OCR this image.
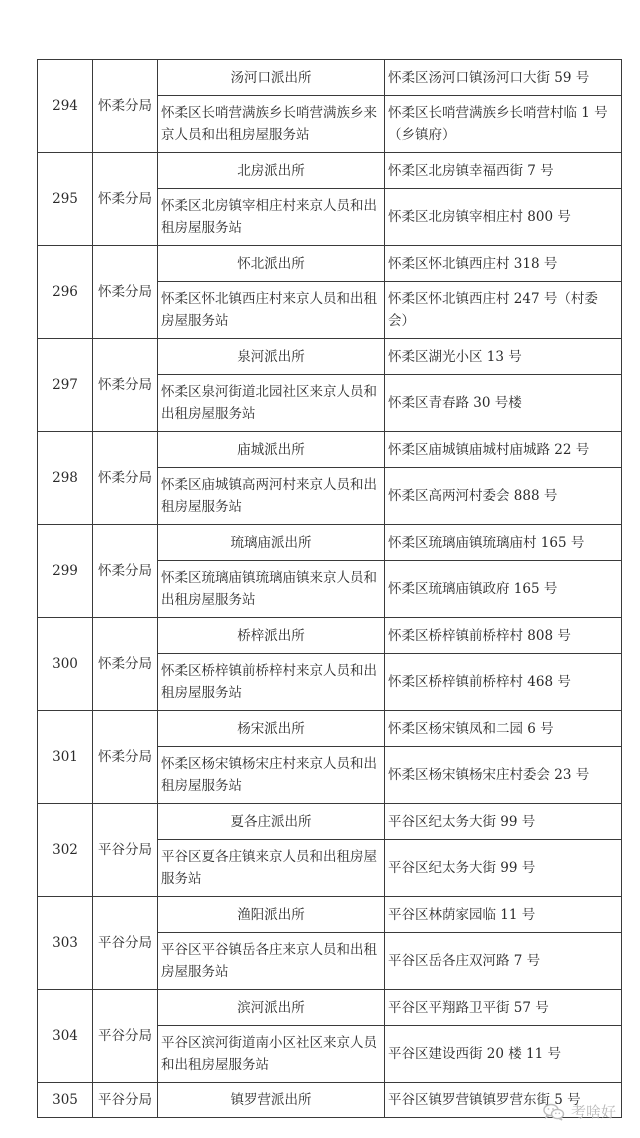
294	怀柔分局	汤河口派出所	怀柔区汤河口镇汤河口大街 59 号
		怀柔区长哨营满族乡长哨营满族乡来京人员和出租房屋服务站	怀柔区长哨营满族乡长哨营村临 1 号（乡镇府）
295	怀柔分局	北房派出所	怀柔区北房镇幸福西街 7 号
		怀柔区北房镇宰相庄村来京人员和出租房屋服务站	怀柔区北房镇宰相庄村 800 号
296	怀柔分局	怀北派出所	怀柔区怀北镇西庄村 318 号
		怀柔区怀北镇西庄村来京人员和出租房屋服务站	怀柔区怀北镇西庄村 247 号（村委会）
297	怀柔分局	泉河派出所	怀柔区湖光小区 13 号
		怀柔区泉河街道北园社区来京人员和出租房屋服务站	怀柔区青春路 30 号楼
298	怀柔分局	庙城派出所	怀柔区庙城镇庙城村庙城路 22 号
		怀柔区庙城镇高两河村来京人员和出租房屋服务站	怀柔区高两河村委会 888 号
299	怀柔分局	琉璃庙派出所	怀柔区琉璃庙镇琉璃庙村 165 号
		怀柔区琉璃庙镇琉璃庙镇来京人员和出租房屋服务站	怀柔区琉璃庙镇政府 165 号
300	怀柔分局	桥梓派出所	怀柔区桥梓镇前桥梓村 808 号
		怀柔区桥梓镇前桥梓村来京人员和出租房屋服务站	怀柔区桥梓镇前桥梓村 468 号
301	怀柔分局	杨宋派出所	怀柔区杨宋镇凤和二园 6 号
		怀柔区杨宋镇杨宋庄村来京人员和出租房屋服务站	怀柔区杨宋镇杨宋庄村委会 23 号
302	平谷分局	夏各庄派出所	平谷区纪太务大街 99 号
		平谷区夏各庄镇来京人员和出租房屋服务站	平谷区纪太务大街 99 号
303	平谷分局	渔阳派出所	平谷区林荫家园临 11 号
		平谷区平谷镇岳各庄来京人员和出租房屋服务站	平谷区岳各庄双河路 7 号
304	平谷分局	滨河派出所	平谷区平翔路卫平街 57 号
		平谷区滨河街道南小区社区来京人员和出租房屋服务站	平谷区建设西街 20 楼 11 号
305	平谷分局	镇罗营派出所	平谷区镇罗营镇镇罗营东街 5 号
考啥好
